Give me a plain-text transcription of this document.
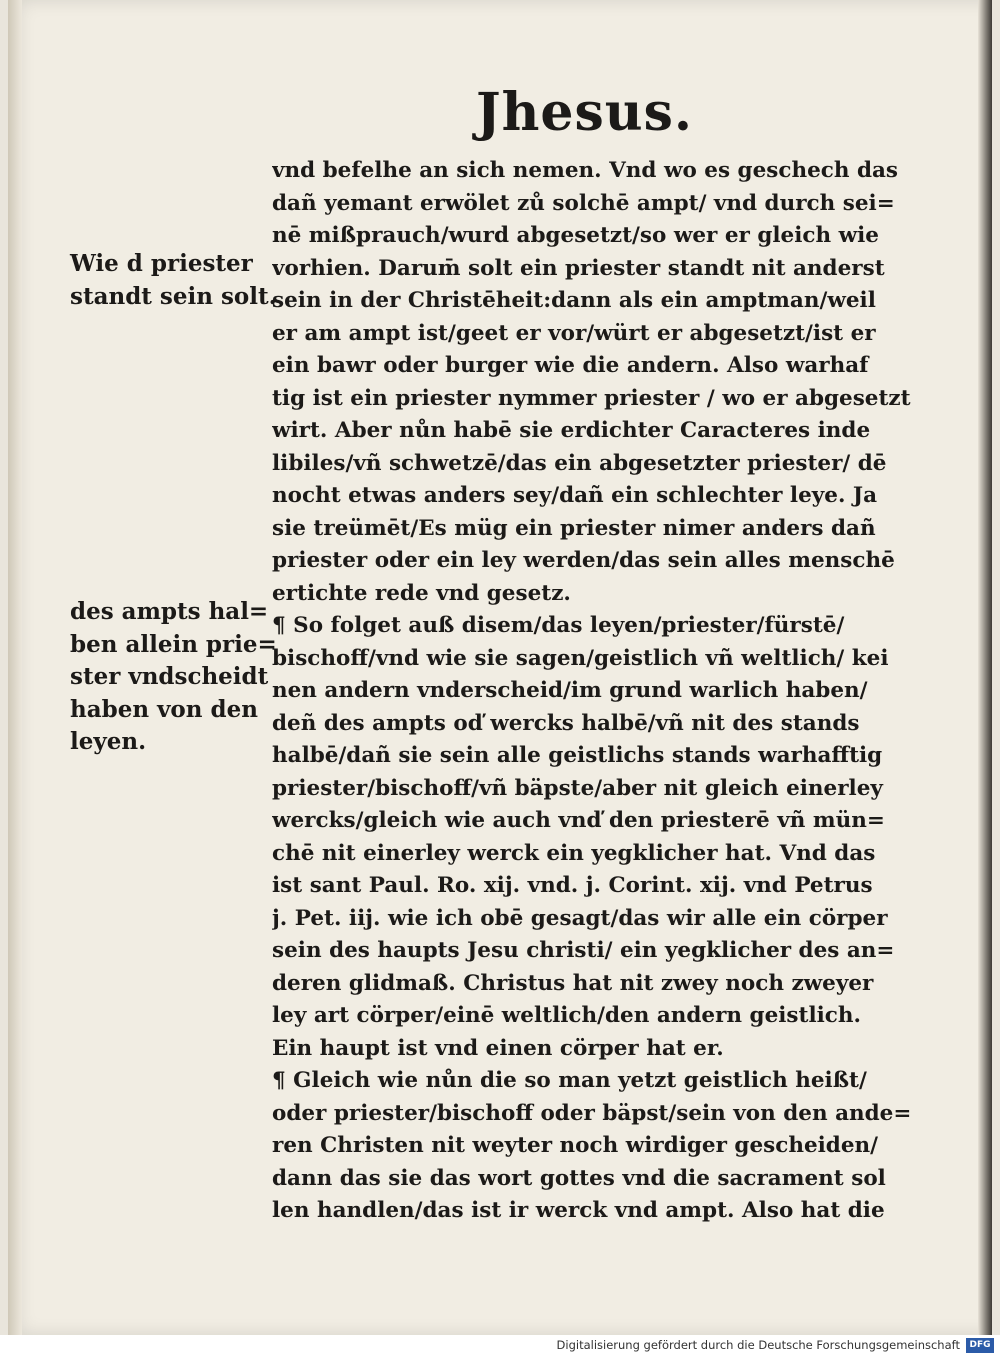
Jhesus.
Wie d priester
standt sein solt.
des ampts hal=
ben allein prie=
ster vndscheidt
haben von den
leyen.
vnd befelhe an sich nemen. Vnd wo es geschech das
dañ yemant erwölet zů solchē ampt/ vnd durch sei=
nē mißprauch/wurd abgesetzt/so wer er gleich wie
vorhien. Darum̄ solt ein priester standt nit anderst
sein in der Christēheit:dann als ein amptman/weil
er am ampt ist/geet er vor/würt er abgesetzt/ist er
ein bawr oder burger wie die andern. Also warhaf
tig ist ein priester nymmer priester / wo er abgesetzt
wirt. Aber nůn habē sie erdichter Caracteres inde
libiles/vñ schwetzē/das ein abgesetzter priester/ dē
nocht etwas anders sey/dañ ein schlechter leye. Ja
sie treümēt/Es müg ein priester nimer anders dañ
priester oder ein ley werden/das sein alles menschē
ertichte rede vnd gesetz.
¶ So folget auß disem/das leyen/priester/fürstē/
bischoff/vnd wie sie sagen/geistlich vñ weltlich/ kei
nen andern vnderscheid/im grund warlich haben/
deñ des ampts oď wercks halbē/vñ nit des stands
halbē/dañ sie sein alle geistlichs stands warhafftig
priester/bischoff/vñ bäpste/aber nit gleich einerley
wercks/gleich wie auch vnď den priesterē vñ mün=
chē nit einerley werck ein yegklicher hat. Vnd das
ist sant Paul. Ro. xij. vnd. j. Corint. xij. vnd Petrus
j. Pet. iij. wie ich obē gesagt/das wir alle ein cörper
sein des haupts Jesu christi/ ein yegklicher des an=
deren glidmaß. Christus hat nit zwey noch zweyer
ley art cörper/einē weltlich/den andern geistlich.
Ein haupt ist vnd einen cörper hat er.
¶ Gleich wie nůn die so man yetzt geistlich heißt/
oder priester/bischoff oder bäpst/sein von den ande=
ren Christen nit weyter noch wirdiger gescheiden/
dann das sie das wort gottes vnd die sacrament sol
len handlen/das ist ir werck vnd ampt. Also hat die
Digitalisierung gefördert durch die Deutsche Forschungsgemeinschaft	DFG
